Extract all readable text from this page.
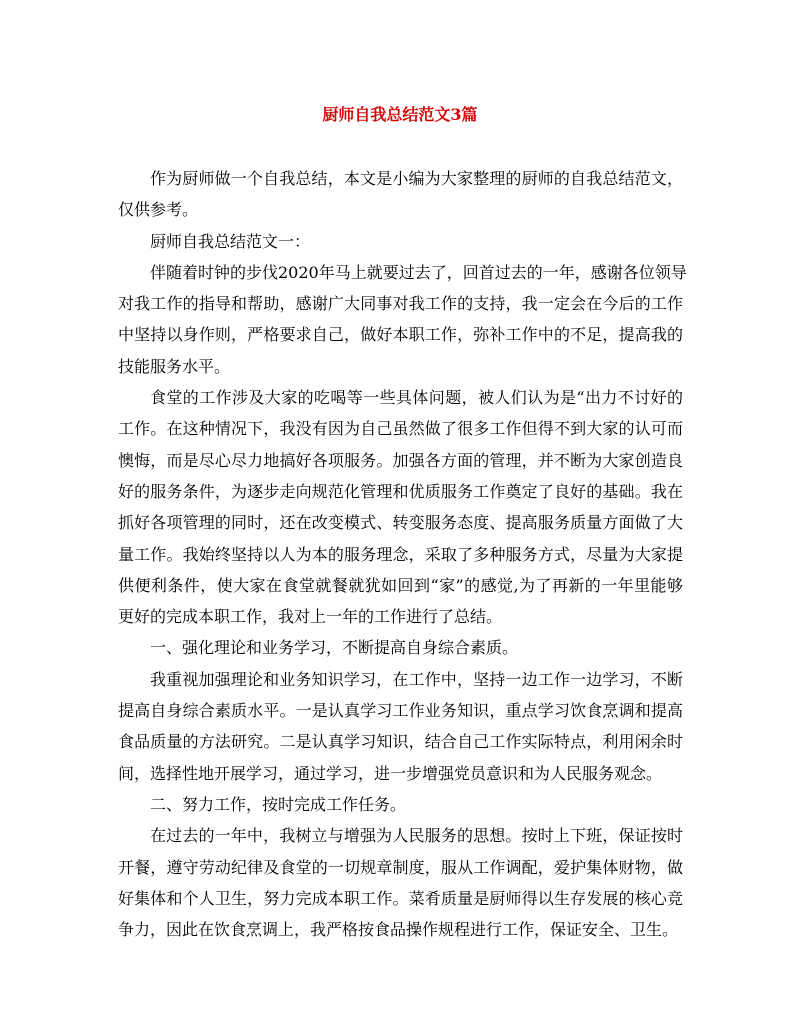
厨师自我总结范文3篇
作为厨师做一个自我总结，本文是小编为大家整理的厨师的自我总结范文，
仅供参考。
厨师自我总结范文一：
伴随着时钟的步伐2020年马上就要过去了，回首过去的一年，感谢各位领导
对我工作的指导和帮助，感谢广大同事对我工作的支持，我一定会在今后的工作
中坚持以身作则，严格要求自己，做好本职工作，弥补工作中的不足，提高我的
技能服务水平。
食堂的工作涉及大家的吃喝等一些具体问题，被人们认为是“出力不讨好的
工作。在这种情况下，我没有因为自己虽然做了很多工作但得不到大家的认可而
懊悔，而是尽心尽力地搞好各项服务。加强各方面的管理，并不断为大家创造良
好的服务条件，为逐步走向规范化管理和优质服务工作奠定了良好的基础。我在
抓好各项管理的同时，还在改变模式、转变服务态度、提高服务质量方面做了大
量工作。我始终坚持以人为本的服务理念，采取了多种服务方式，尽量为大家提
供便利条件，使大家在食堂就餐就犹如回到“家”的感觉,为了再新的一年里能够
更好的完成本职工作，我对上一年的工作进行了总结。
一、强化理论和业务学习，不断提高自身综合素质。
我重视加强理论和业务知识学习，在工作中，坚持一边工作一边学习，不断
提高自身综合素质水平。一是认真学习工作业务知识，重点学习饮食烹调和提高
食品质量的方法研究。二是认真学习知识，结合自己工作实际特点，利用闲余时
间，选择性地开展学习，通过学习，进一步增强党员意识和为人民服务观念。
二、努力工作，按时完成工作任务。
在过去的一年中，我树立与增强为人民服务的思想。按时上下班，保证按时
开餐，遵守劳动纪律及食堂的一切规章制度，服从工作调配，爱护集体财物，做
好集体和个人卫生，努力完成本职工作。菜肴质量是厨师得以生存发展的核心竞
争力，因此在饮食烹调上，我严格按食品操作规程进行工作，保证安全、卫生。
